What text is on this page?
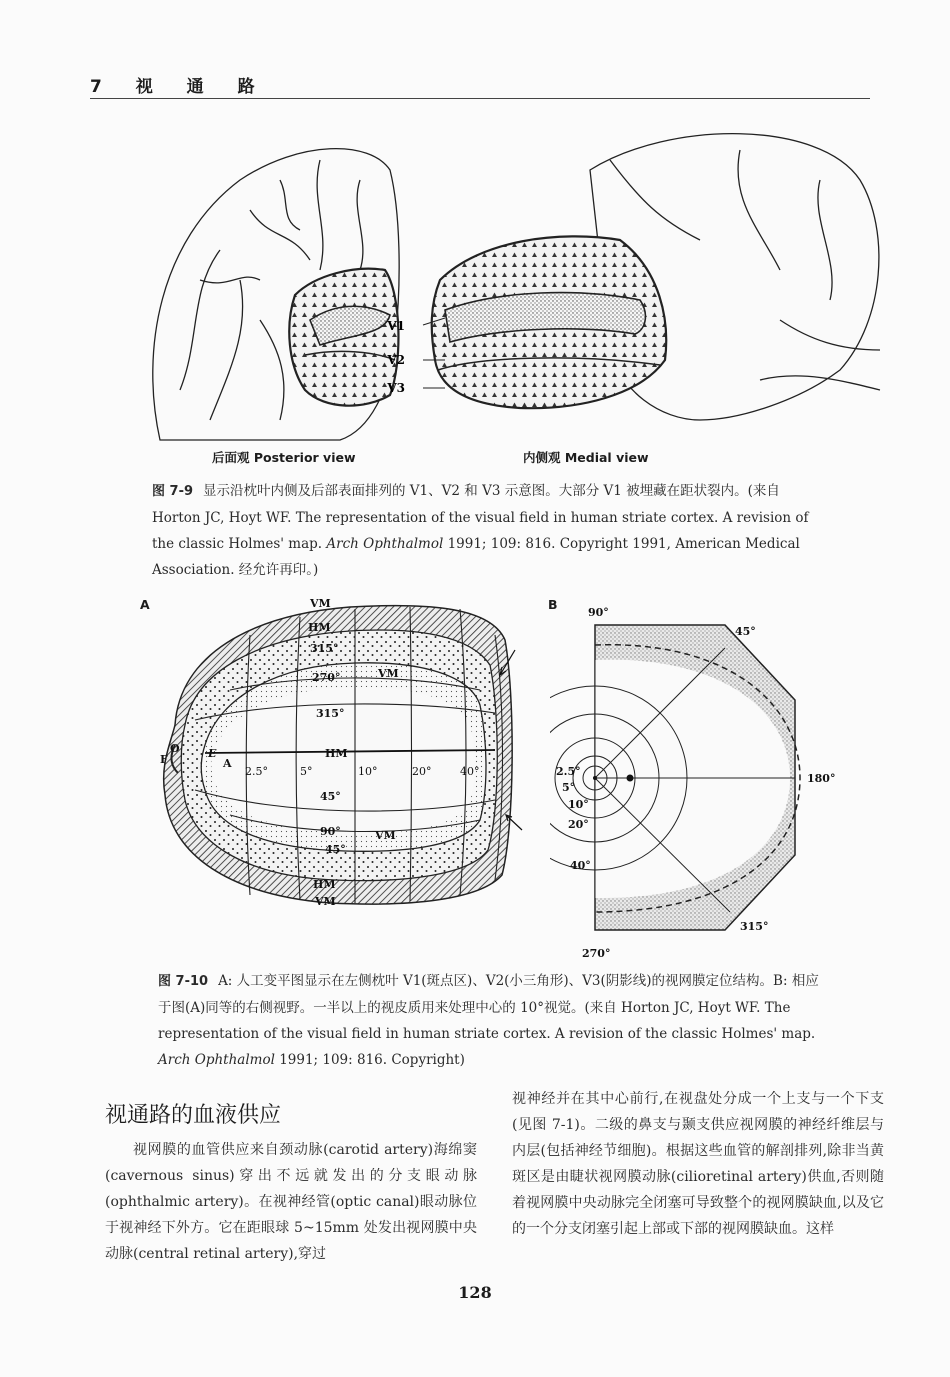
7 视 通 路
V1
V2
V3
后面观 Posterior view	内侧观 Medial view
图 7-9 显示沿枕叶内侧及后部表面排列的 V1、V2 和 V3 示意图。大部分 V1 被埋藏在距状裂内。(来自 Horton JC, Hoyt WF. The representation of the visual field in human striate cortex. A revision of the classic Holmes' map. Arch Ophthalmol 1991; 109: 816. Copyright 1991, American Medical Association. 经允许再印。)
A	VM
HM
315°
270°	VM
315°
HM
F
O	E
A
2.5°	5°	10°	20°	40°
45°
90°	VM
45°
HM
VM
B
90°
45°
180°
315°
270°
2.5°
5°
10°
20°
40°
图 7-10 A: 人工变平图显示在左侧枕叶 V1(斑点区)、V2(小三角形)、V3(阴影线)的视网膜定位结构。B: 相应于图(A)同等的右侧视野。一半以上的视皮质用来处理中心的 10°视觉。(来自 Horton JC, Hoyt WF. The representation of the visual field in human striate cortex. A revision of the classic Holmes' map. Arch Ophthalmol 1991; 109: 816. Copyright)
视通路的血液供应

视网膜的血管供应来自颈动脉(carotid artery)海绵窦(cavernous sinus)穿出不远就发出的分支眼动脉(ophthalmic artery)。在视神经管(optic canal)眼动脉位于视神经下外方。它在距眼球 5~15mm 处发出视网膜中央动脉(central retinal artery),穿过

视神经并在其中心前行,在视盘处分成一个上支与一个下支(见图 7-1)。二级的鼻支与颞支供应视网膜的神经纤维层与内层(包括神经节细胞)。根据这些血管的解剖排列,除非当黄斑区是由睫状视网膜动脉(cilioretinal artery)供血,否则随着视网膜中央动脉完全闭塞可导致整个的视网膜缺血,以及它的一个分支闭塞引起上部或下部的视网膜缺血。这样

128
